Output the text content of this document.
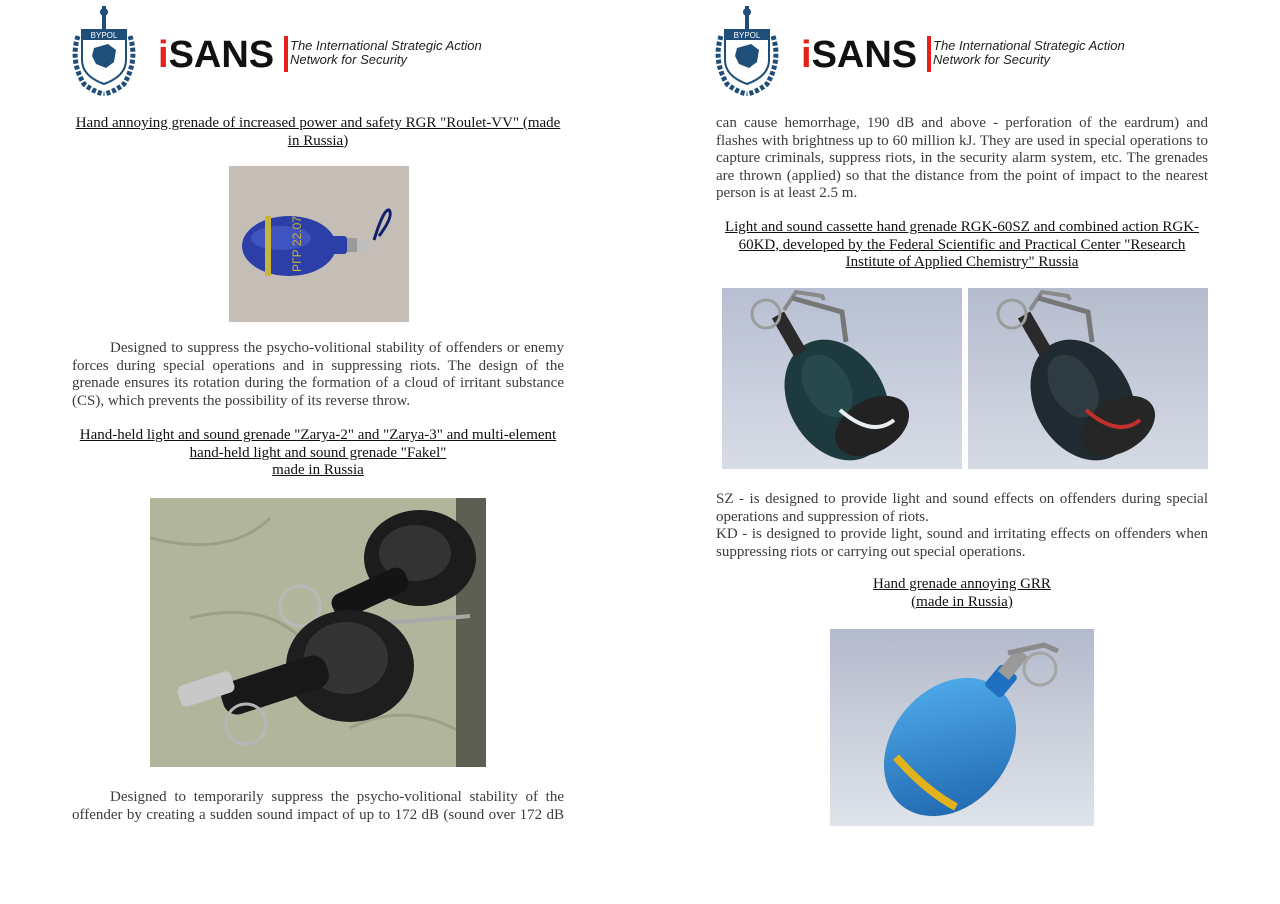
BYPOL iSANS	The International Strategic Action
Network for Security
Hand annoying grenade of increased power and safety RGR "Roulet-VV" (made
in Russia)
РГР 22.07
Designed to suppress the psycho-volitional stability of offenders or enemy forces during special operations and in suppressing riots. The design of the grenade ensures its rotation during the formation of a cloud of irritant substance (CS), which prevents the possibility of its reverse throw.
Hand-held light and sound grenade "Zarya-2" and "Zarya-3" and multi-element
hand-held light and sound grenade "Fakel"
made in Russia
Designed to temporarily suppress the psycho-volitional stability of the
offender by creating a sudden sound impact of up to 172 dB (sound over 172 dB
BYPOL iSANS	The International Strategic Action
Network for Security
can cause hemorrhage, 190 dB and above - perforation of the eardrum) and flashes with brightness up to 60 million kJ. They are used in special operations to capture criminals, suppress riots, in the security alarm system, etc. The grenades are thrown (applied) so that the distance from the point of impact to the nearest person is at least 2.5 m.
Light and sound cassette hand grenade RGK-60SZ and combined action RGK-
60KD, developed by the Federal Scientific and Practical Center "Research
Institute of Applied Chemistry" Russia
SZ - is designed to provide light and sound effects on offenders during special operations and suppression of riots.
KD - is designed to provide light, sound and irritating effects on offenders when suppressing riots or carrying out special operations.
Hand grenade annoying GRR
(made in Russia)
